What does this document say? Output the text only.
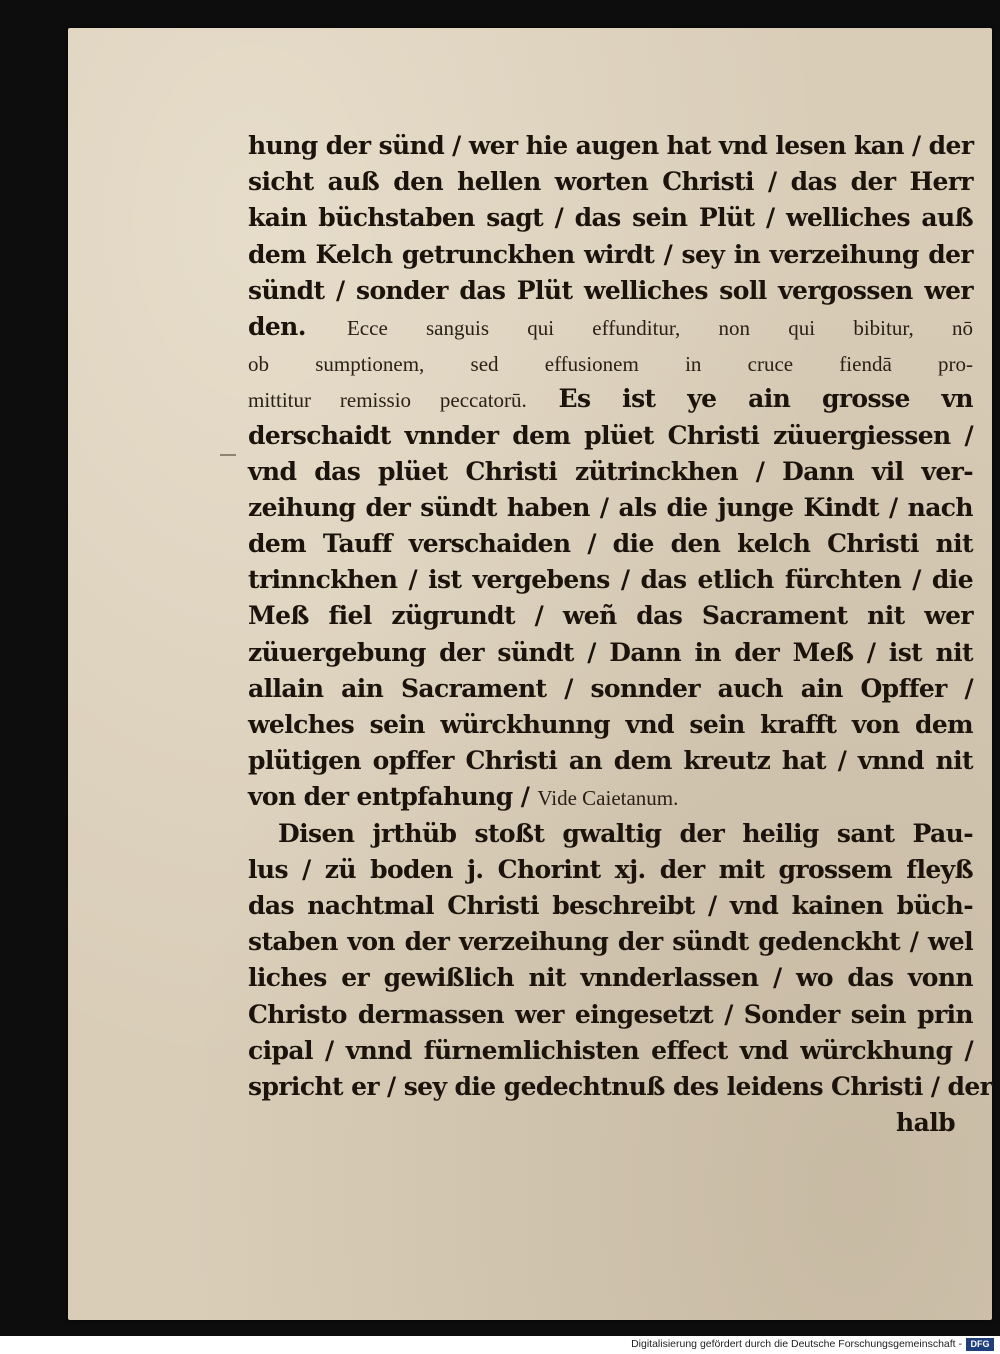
hung der sünd / wer hie augen hat vnd lesen kan / der
sicht auß den hellen worten Christi / das der Herr
kain büchstaben sagt / das sein Plüt / welliches auß
dem Kelch getrunckhen wirdt / sey in verzeihung der
sündt / sonder das Plüt welliches soll vergossen wer
den. Ecce sanguis qui effunditur, non qui bibitur, nō
ob sumptionem, sed effusionem in cruce fiendā pro-
mittitur remissio peccatorū. Es ist ye ain grosse vn
derschaidt vnnder dem plüet Christi züuergiessen /
vnd das plüet Christi zütrinckhen / Dann vil ver-
zeihung der sündt haben / als die junge Kindt / nach
dem Tauff verschaiden / die den kelch Christi nit
trinnckhen / ist vergebens / das etlich fürchten / die
Meß fiel zügrundt / weñ das Sacrament nit wer
züuergebung der sündt / Dann in der Meß / ist nit
allain ain Sacrament / sonnder auch ain Opffer /
welches sein würckhunng vnd sein krafft von dem
plütigen opffer Christi an dem kreutz hat / vnnd nit
von der entpfahung / Vide Caietanum.
Disen jrthüb stoßt gwaltig der heilig sant Pau-
lus / zü boden j. Chorint xj. der mit grossem fleyß
das nachtmal Christi beschreibt / vnd kainen büch-
staben von der verzeihung der sündt gedenckht / wel
liches er gewißlich nit vnnderlassen / wo das vonn
Christo dermassen wer eingesetzt / Sonder sein prin
cipal / vnnd fürnemlichisten effect vnd würckhung /
spricht er / sey die gedechtnuß des leidens Christi / der
halb
Digitalisierung gefördert durch die Deutsche Forschungsgemeinschaft - DFG
